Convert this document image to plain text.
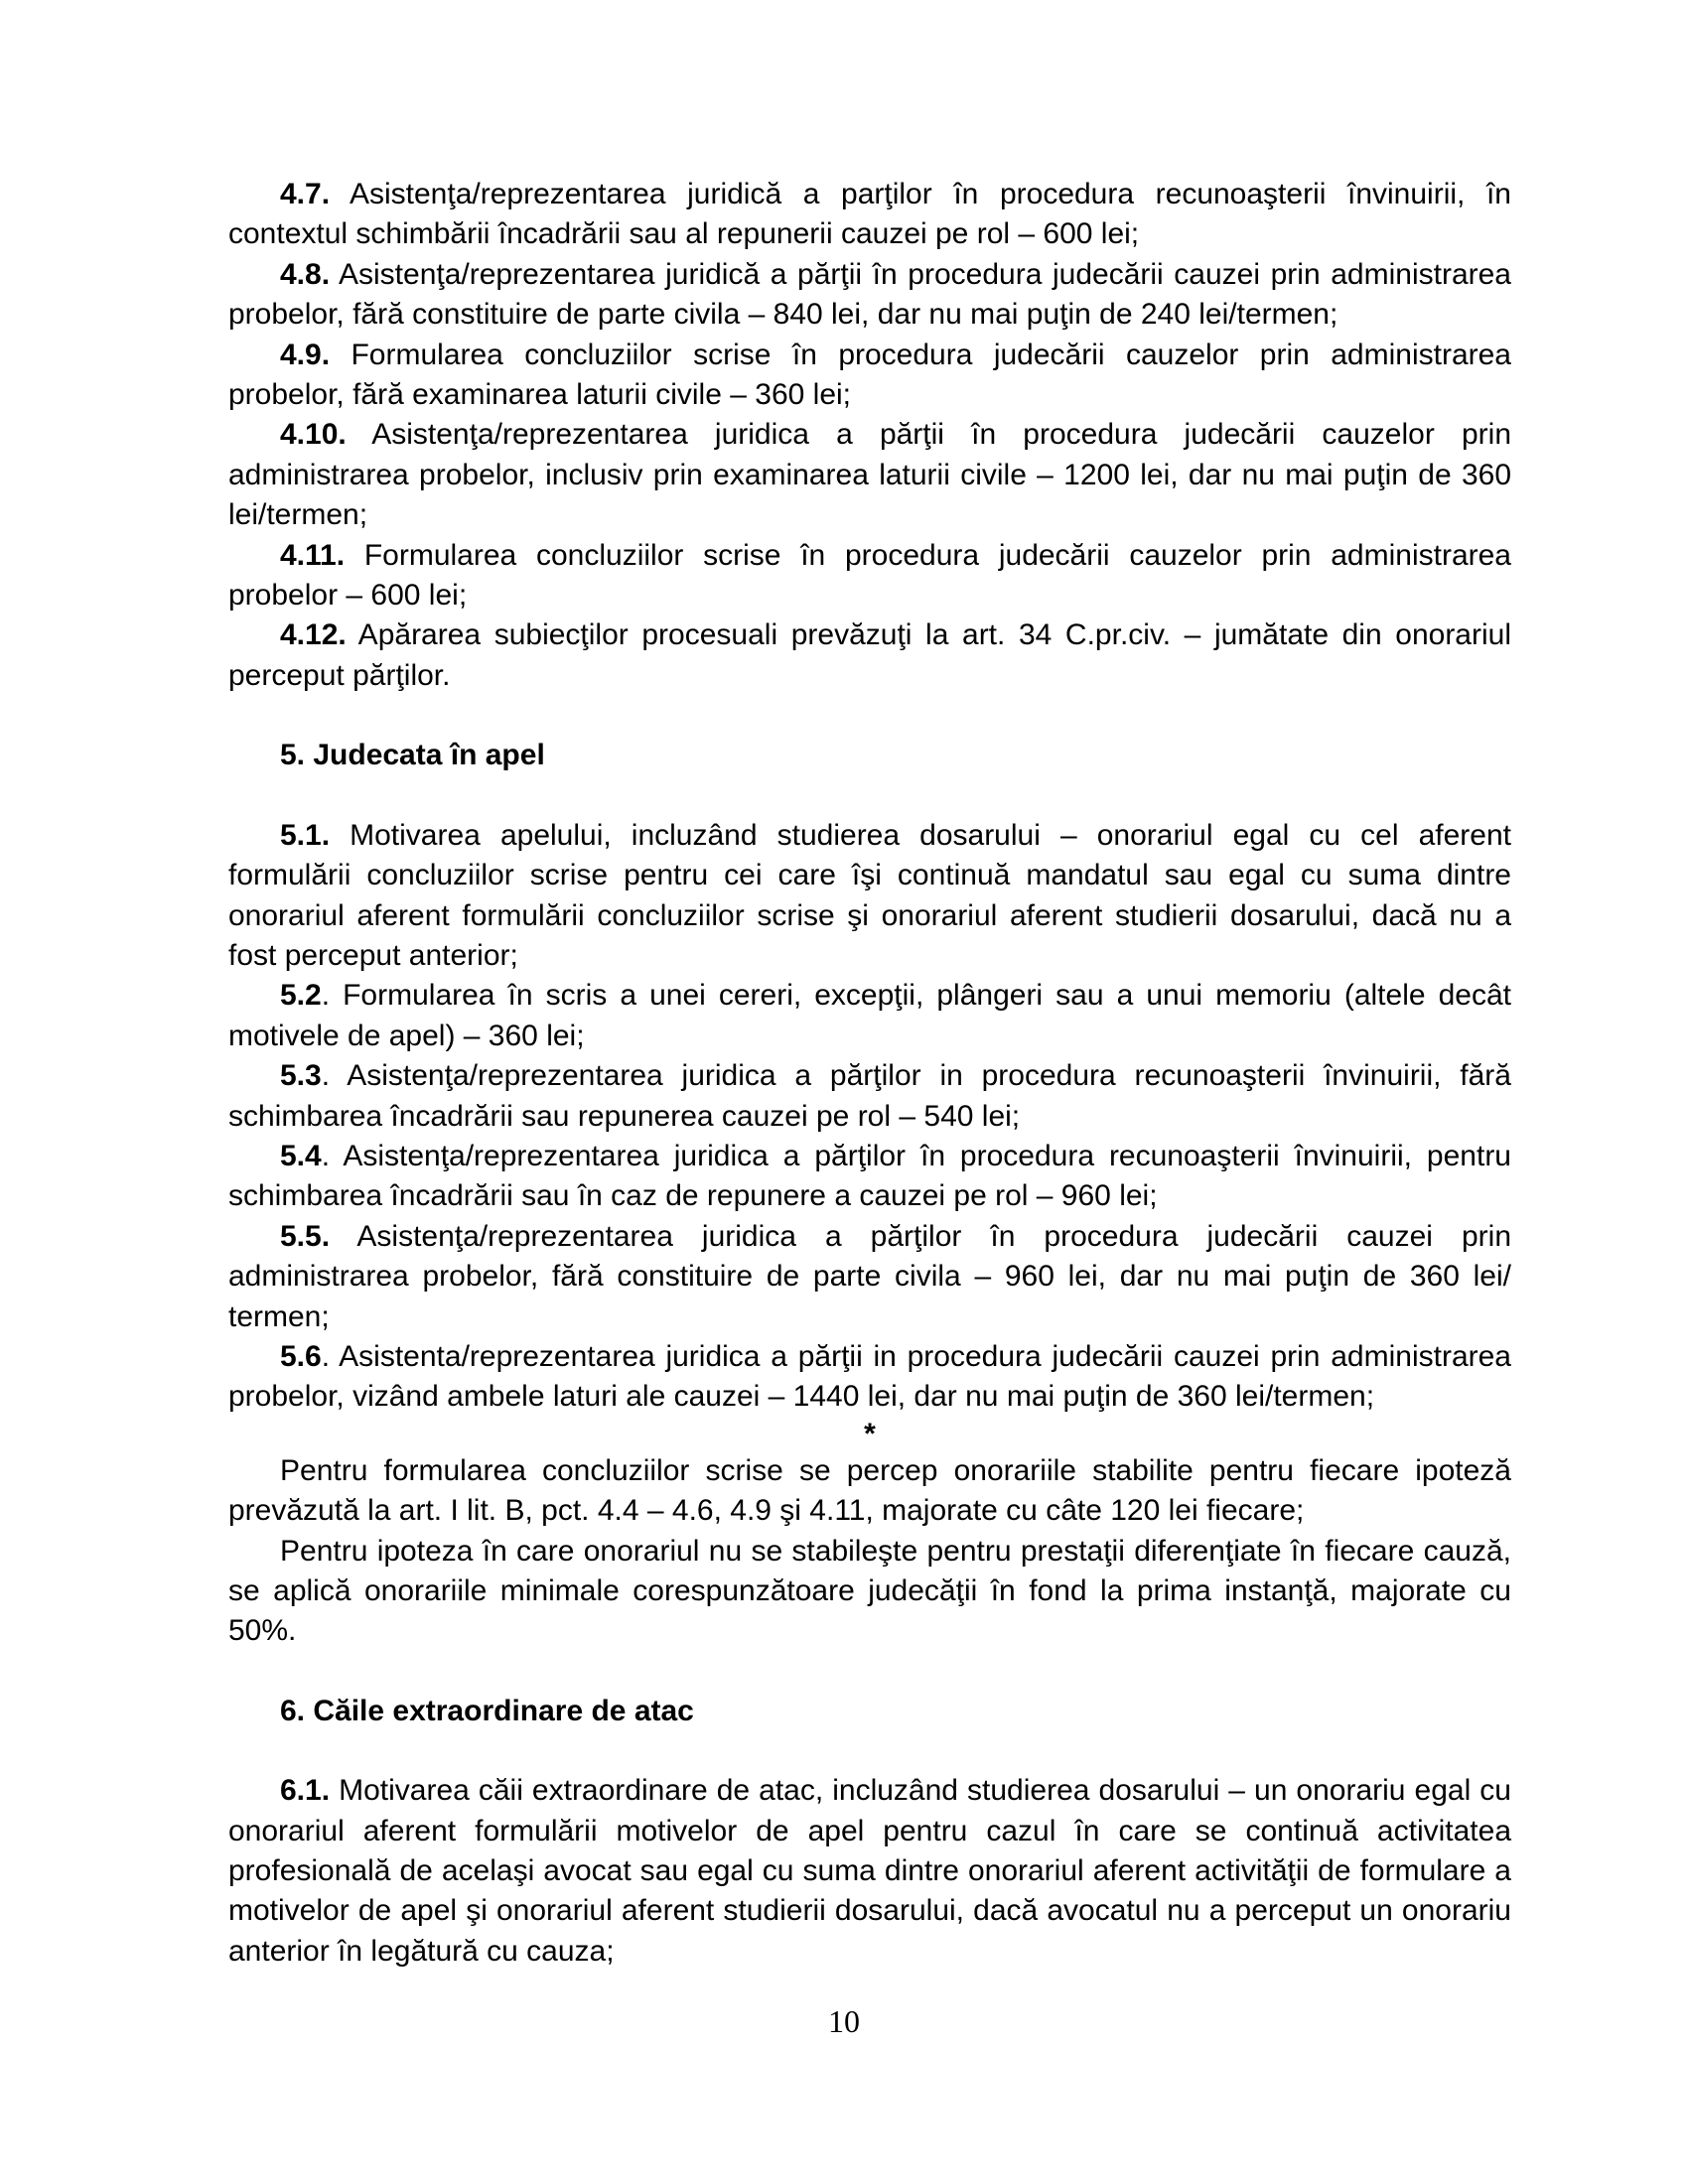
4.7. Asistenţa/reprezentarea juridică a parţilor în procedura recunoaşterii învinuirii, în contextul schimbării încadrării sau al repunerii cauzei pe rol – 600 lei;

4.8. Asistenţa/reprezentarea juridică a părţii în procedura judecării cauzei prin administrarea probelor, fără constituire de parte civila – 840 lei, dar nu mai puţin de 240 lei/termen;

4.9. Formularea concluziilor scrise în procedura judecării cauzelor prin administrarea probelor, fără examinarea laturii civile – 360 lei;

4.10. Asistenţa/reprezentarea juridica a părţii în procedura judecării cauzelor prin administrarea probelor, inclusiv prin examinarea laturii civile – 1200 lei, dar nu mai puţin de 360 lei/termen;

4.11. Formularea concluziilor scrise în procedura judecării cauzelor prin administrarea probelor – 600 lei;

4.12. Apărarea subiecţilor procesuali prevăzuţi la art. 34 C.pr.civ. – jumătate din onorariul perceput părţilor.

5. Judecata în apel

5.1. Motivarea apelului, incluzând studierea dosarului – onorariul egal cu cel aferent formulării concluziilor scrise pentru cei care îşi continuă mandatul sau egal cu suma dintre onorariul aferent formulării concluziilor scrise şi onorariul aferent studierii dosarului, dacă nu a fost perceput anterior;

5.2. Formularea în scris a unei cereri, excepţii, plângeri sau a unui memoriu (altele decât motivele de apel) – 360 lei;

5.3. Asistenţa/reprezentarea juridica a părţilor in procedura recunoaşterii învinuirii, fără schimbarea încadrării sau repunerea cauzei pe rol – 540 lei;

5.4. Asistenţa/reprezentarea juridica a părţilor în procedura recunoaşterii învinuirii, pentru schimbarea încadrării sau în caz de repunere a cauzei pe rol – 960 lei;

5.5. Asistenţa/reprezentarea juridica a părţilor în procedura judecării cauzei prin administrarea probelor, fără constituire de parte civila – 960 lei, dar nu mai puţin de 360 lei/ termen;

5.6. Asistenta/reprezentarea juridica a părţii in procedura judecării cauzei prin administrarea probelor, vizând ambele laturi ale cauzei – 1440 lei, dar nu mai puţin de 360 lei/termen;

*

Pentru formularea concluziilor scrise se percep onorariile stabilite pentru fiecare ipoteză prevăzută la art. I lit. B, pct. 4.4 – 4.6, 4.9 şi 4.11, majorate cu câte 120 lei fiecare;

Pentru ipoteza în care onorariul nu se stabileşte pentru prestaţii diferenţiate în fiecare cauză, se aplică onorariile minimale corespunzătoare judecăţii în fond la prima instanţă, majorate cu 50%.

6. Căile extraordinare de atac

6.1. Motivarea căii extraordinare de atac, incluzând studierea dosarului – un onorariu egal cu onorariul aferent formulării motivelor de apel pentru cazul în care se continuă activitatea profesională de acelaşi avocat sau egal cu suma dintre onorariul aferent activităţii de formulare a motivelor de apel şi onorariul aferent studierii dosarului, dacă avocatul nu a perceput un onorariu anterior în legătură cu cauza;

10
